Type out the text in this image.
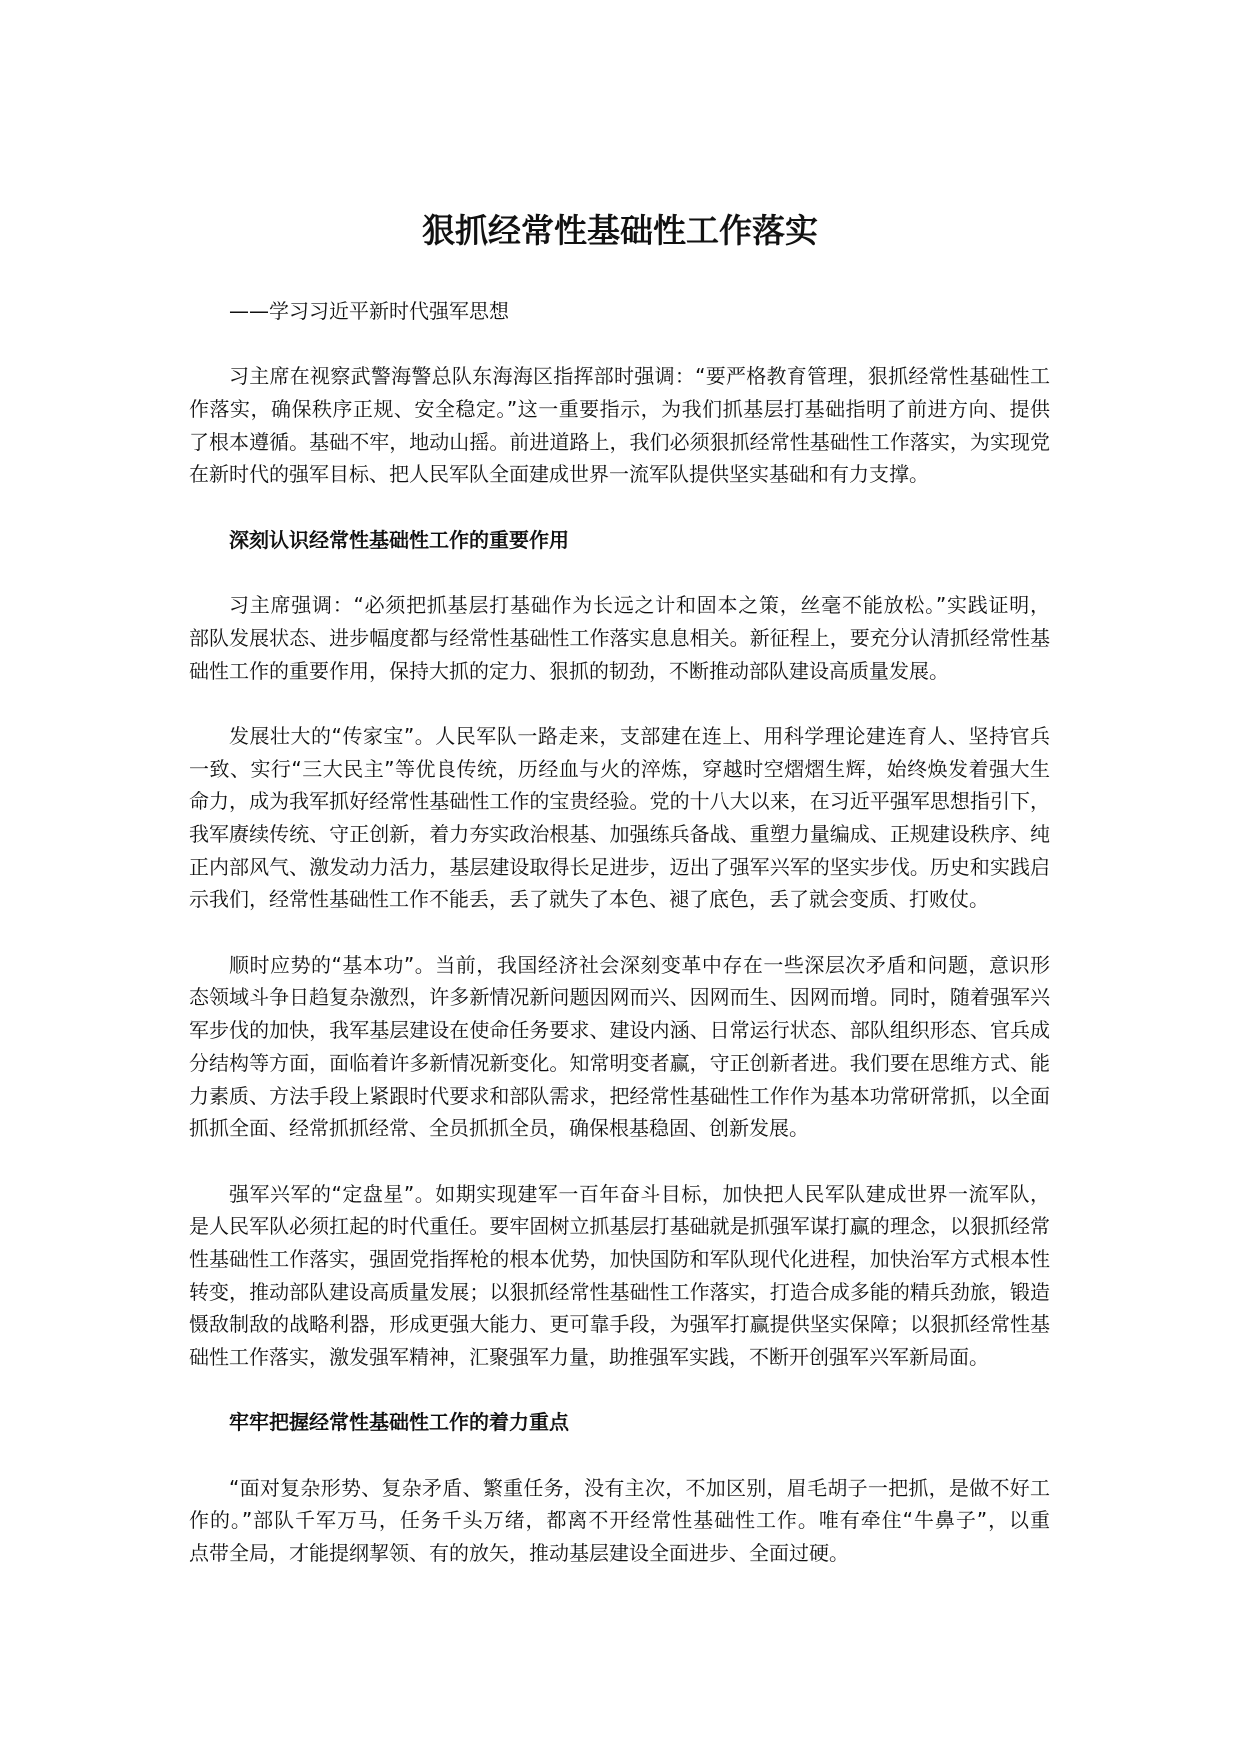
狠抓经常性基础性工作落实
——学习习近平新时代强军思想
习主席在视察武警海警总队东海海区指挥部时强调：“要严格教育管理，狠抓经常性基础性工
作落实，确保秩序正规、安全稳定。”这一重要指示，为我们抓基层打基础指明了前进方向、提供
了根本遵循。基础不牢，地动山摇。前进道路上，我们必须狠抓经常性基础性工作落实，为实现党
在新时代的强军目标、把人民军队全面建成世界一流军队提供坚实基础和有力支撑。
深刻认识经常性基础性工作的重要作用
习主席强调：“必须把抓基层打基础作为长远之计和固本之策，丝毫不能放松。”实践证明，
部队发展状态、进步幅度都与经常性基础性工作落实息息相关。新征程上，要充分认清抓经常性基
础性工作的重要作用，保持大抓的定力、狠抓的韧劲，不断推动部队建设高质量发展。
发展壮大的“传家宝”。人民军队一路走来，支部建在连上、用科学理论建连育人、坚持官兵
一致、实行“三大民主”等优良传统，历经血与火的淬炼，穿越时空熠熠生辉，始终焕发着强大生
命力，成为我军抓好经常性基础性工作的宝贵经验。党的十八大以来，在习近平强军思想指引下，
我军赓续传统、守正创新，着力夯实政治根基、加强练兵备战、重塑力量编成、正规建设秩序、纯
正内部风气、激发动力活力，基层建设取得长足进步，迈出了强军兴军的坚实步伐。历史和实践启
示我们，经常性基础性工作不能丢，丢了就失了本色、褪了底色，丢了就会变质、打败仗。
顺时应势的“基本功”。当前，我国经济社会深刻变革中存在一些深层次矛盾和问题，意识形
态领域斗争日趋复杂激烈，许多新情况新问题因网而兴、因网而生、因网而增。同时，随着强军兴
军步伐的加快，我军基层建设在使命任务要求、建设内涵、日常运行状态、部队组织形态、官兵成
分结构等方面，面临着许多新情况新变化。知常明变者赢，守正创新者进。我们要在思维方式、能
力素质、方法手段上紧跟时代要求和部队需求，把经常性基础性工作作为基本功常研常抓，以全面
抓抓全面、经常抓抓经常、全员抓抓全员，确保根基稳固、创新发展。
强军兴军的“定盘星”。如期实现建军一百年奋斗目标，加快把人民军队建成世界一流军队，
是人民军队必须扛起的时代重任。要牢固树立抓基层打基础就是抓强军谋打赢的理念，以狠抓经常
性基础性工作落实，强固党指挥枪的根本优势，加快国防和军队现代化进程，加快治军方式根本性
转变，推动部队建设高质量发展；以狠抓经常性基础性工作落实，打造合成多能的精兵劲旅，锻造
慑敌制敌的战略利器，形成更强大能力、更可靠手段，为强军打赢提供坚实保障；以狠抓经常性基
础性工作落实，激发强军精神，汇聚强军力量，助推强军实践，不断开创强军兴军新局面。
牢牢把握经常性基础性工作的着力重点
“面对复杂形势、复杂矛盾、繁重任务，没有主次，不加区别，眉毛胡子一把抓，是做不好工
作的。”部队千军万马，任务千头万绪，都离不开经常性基础性工作。唯有牵住“牛鼻子”，以重
点带全局，才能提纲挈领、有的放矢，推动基层建设全面进步、全面过硬。
